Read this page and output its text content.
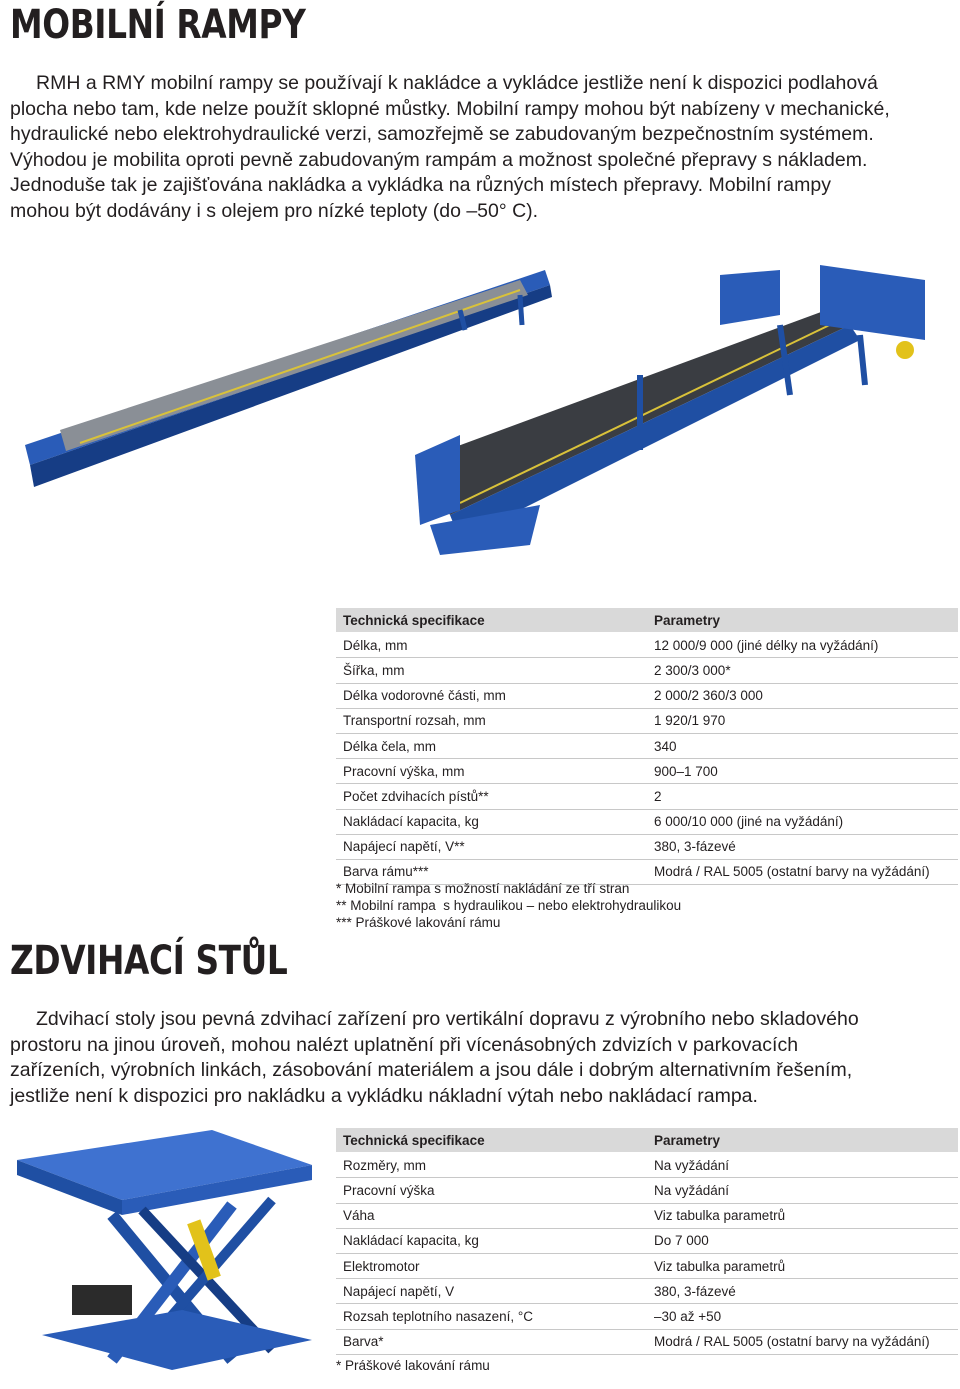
MOBILNÍ RAMPY
RMH a RMY mobilní rampy se používají k nakládce a vykládce jestliže není k dispozici podlahová
plocha nebo tam, kde nelze použít sklopné můstky. Mobilní rampy mohou být nabízeny v mechanické,
hydraulické nebo elektrohydraulické verzi, samozřejmě se zabudovaným bezpečnostním systémem.
Výhodou je mobilita oproti pevně zabudovaným rampám a možnost společné přepravy s nákladem.
Jednoduše tak je zajišťována nakládka a vykládka na různých místech přepravy. Mobilní rampy
mohou být dodávány i s olejem pro nízké teploty (do –50° C).
Technická specifikace	Parametry
Délka, mm	12 000/9 000 (jiné délky na vyžádání)
Šířka, mm	2 300/3 000*
Délka vodorovné části, mm	2 000/2 360/3 000
Transportní rozsah, mm	1 920/1 970
Délka čela, mm	340
Pracovní výška, mm	900–1 700
Počet zdvihacích pístů**	2
Nakládací kapacita, kg	6 000/10 000 (jiné na vyžádání)
Napájecí napětí, V**	380, 3-fázevé
Barva rámu***	Modrá / RAL 5005 (ostatní barvy na vyžádání)
* Mobilní rampa s možností nakládání ze tří stran
** Mobilní rampa  s hydraulikou – nebo elektrohydraulikou
*** Práškové lakování rámu
ZDVIHACÍ STŮL
Zdvihací stoly jsou pevná zdvihací zařízení pro vertikální dopravu z výrobního nebo skladového
prostoru na jinou úroveň, mohou nalézt uplatnění při vícenásobných zdvizích v parkovacích
zařízeních, výrobních linkách, zásobování materiálem a jsou dále i dobrým alternativním řešením,
jestliže není k dispozici pro nakládku a vykládku nákladní výtah nebo nakládací rampa.
Technická specifikace	Parametry
Rozměry, mm	Na vyžádání
Pracovní výška	Na vyžádání
Váha	Viz tabulka parametrů
Nakládací kapacita, kg	Do 7 000
Elektromotor	Viz tabulka parametrů
Napájecí napětí, V	380, 3-fázevé
Rozsah teplotního nasazení, °C	–30 až +50
Barva*	Modrá / RAL 5005 (ostatní barvy na vyžádání)
* Práškové lakování rámu
